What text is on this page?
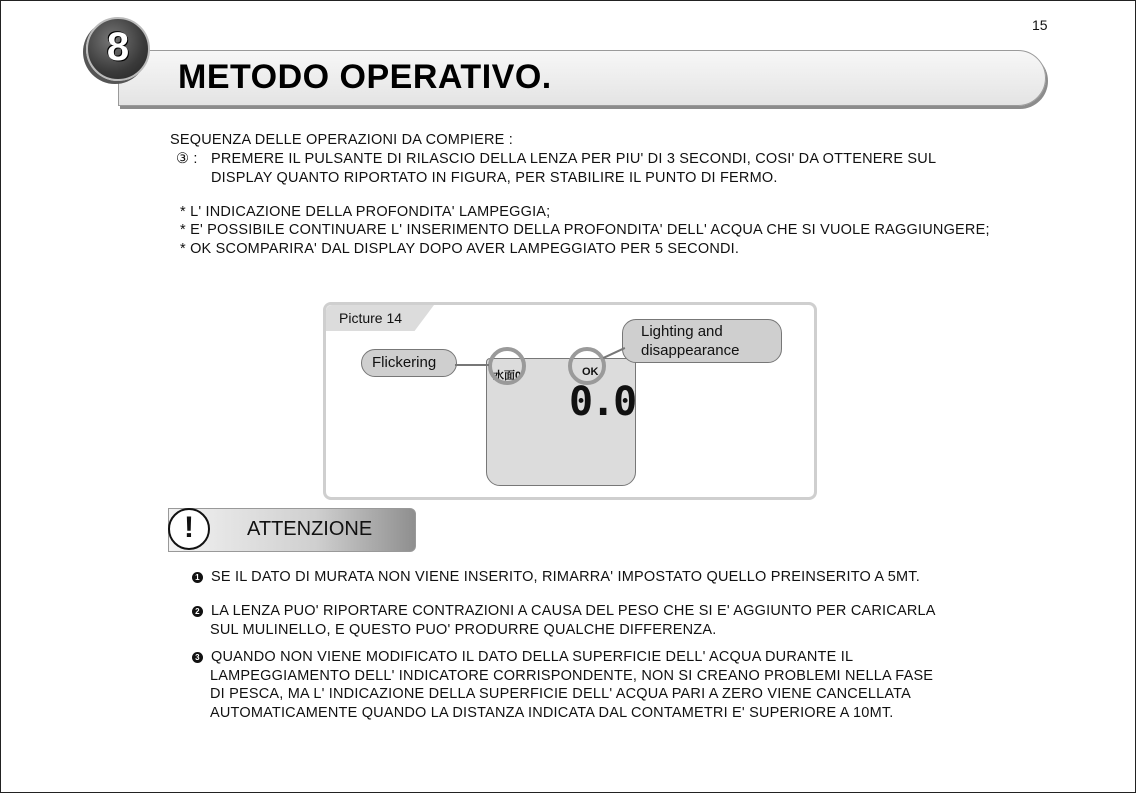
15
8
METODO OPERATIVO.
SEQUENZA DELLE OPERAZIONI DA COMPIERE :
③ : PREMERE IL PULSANTE DI RILASCIO DELLA LENZA PER PIU' DI 3 SECONDI, COSI' DA OTTENERE SUL
DISPLAY QUANTO RIPORTATO IN FIGURA, PER STABILIRE IL PUNTO DI FERMO.
* L' INDICAZIONE DELLA PROFONDITA' LAMPEGGIA;
* E' POSSIBILE CONTINUARE L' INSERIMENTO DELLA PROFONDITA' DELL' ACQUA CHE SI VUOLE RAGGIUNGERE;
* OK SCOMPARIRA' DAL DISPLAY DOPO AVER LAMPEGGIATO PER 5 SECONDI.
Picture 14
水面0	OK
0.0
Flickering
Lighting and
disappearance
!	ATTENZIONE
1 SE IL DATO DI MURATA NON VIENE INSERITO, RIMARRA' IMPOSTATO QUELLO PREINSERITO A 5MT.
2 LA LENZA PUO' RIPORTARE CONTRAZIONI A CAUSA DEL PESO CHE SI E' AGGIUNTO PER CARICARLA
SUL MULINELLO, E QUESTO PUO' PRODURRE QUALCHE DIFFERENZA.
3 QUANDO NON VIENE MODIFICATO IL DATO DELLA SUPERFICIE DELL' ACQUA DURANTE IL
LAMPEGGIAMENTO DELL' INDICATORE CORRISPONDENTE, NON SI CREANO PROBLEMI NELLA FASE
DI PESCA, MA L' INDICAZIONE DELLA SUPERFICIE DELL' ACQUA PARI A ZERO VIENE CANCELLATA
AUTOMATICAMENTE QUANDO LA DISTANZA INDICATA DAL CONTAMETRI E' SUPERIORE A 10MT.
